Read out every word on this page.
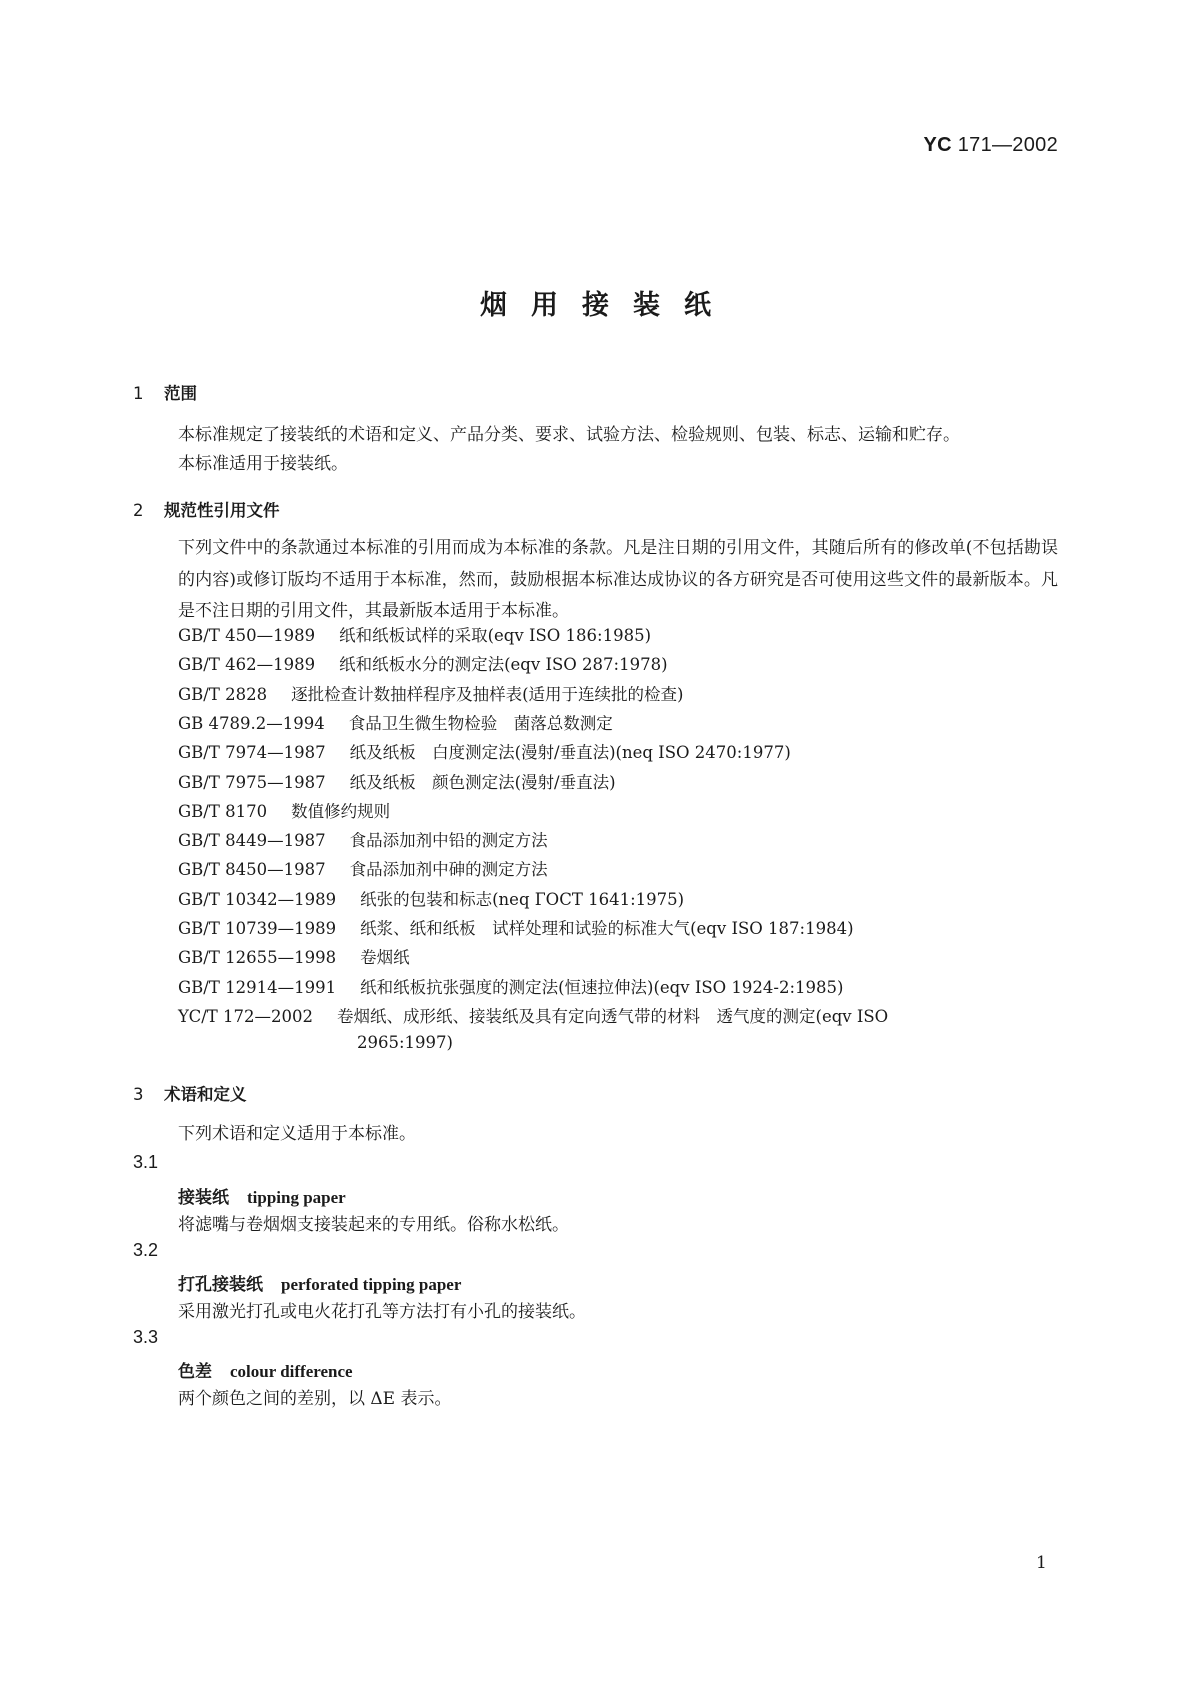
YC 171—2002
烟用接装纸
1 范围
本标准规定了接装纸的术语和定义、产品分类、要求、试验方法、检验规则、包装、标志、运输和贮存。
本标准适用于接装纸。
2 规范性引用文件
下列文件中的条款通过本标准的引用而成为本标准的条款。凡是注日期的引用文件，其随后所有的修改单(不包括勘误的内容)或修订版均不适用于本标准，然而，鼓励根据本标准达成协议的各方研究是否可使用这些文件的最新版本。凡是不注日期的引用文件，其最新版本适用于本标准。
GB/T 450—1989 纸和纸板试样的采取(eqv ISO 186:1985)
GB/T 462—1989 纸和纸板水分的测定法(eqv ISO 287:1978)
GB/T 2828 逐批检查计数抽样程序及抽样表(适用于连续批的检查)
GB 4789.2—1994 食品卫生微生物检验　菌落总数测定
GB/T 7974—1987 纸及纸板　白度测定法(漫射/垂直法)(neq ISO 2470:1977)
GB/T 7975—1987 纸及纸板　颜色测定法(漫射/垂直法)
GB/T 8170 数值修约规则
GB/T 8449—1987 食品添加剂中铅的测定方法
GB/T 8450—1987 食品添加剂中砷的测定方法
GB/T 10342—1989 纸张的包装和标志(neq ГОСТ 1641:1975)
GB/T 10739—1989 纸浆、纸和纸板　试样处理和试验的标准大气(eqv ISO 187:1984)
GB/T 12655—1998 卷烟纸
GB/T 12914—1991 纸和纸板抗张强度的测定法(恒速拉伸法)(eqv ISO 1924-2:1985)
YC/T 172—2002 卷烟纸、成形纸、接装纸及具有定向透气带的材料　透气度的测定(eqv ISO
2965:1997)
3 术语和定义
下列术语和定义适用于本标准。
3.1
接装纸 tipping paper
将滤嘴与卷烟烟支接装起来的专用纸。俗称水松纸。
3.2
打孔接装纸 perforated tipping paper
采用激光打孔或电火花打孔等方法打有小孔的接装纸。
3.3
色差 colour difference
两个颜色之间的差别，以 ΔE 表示。
1
